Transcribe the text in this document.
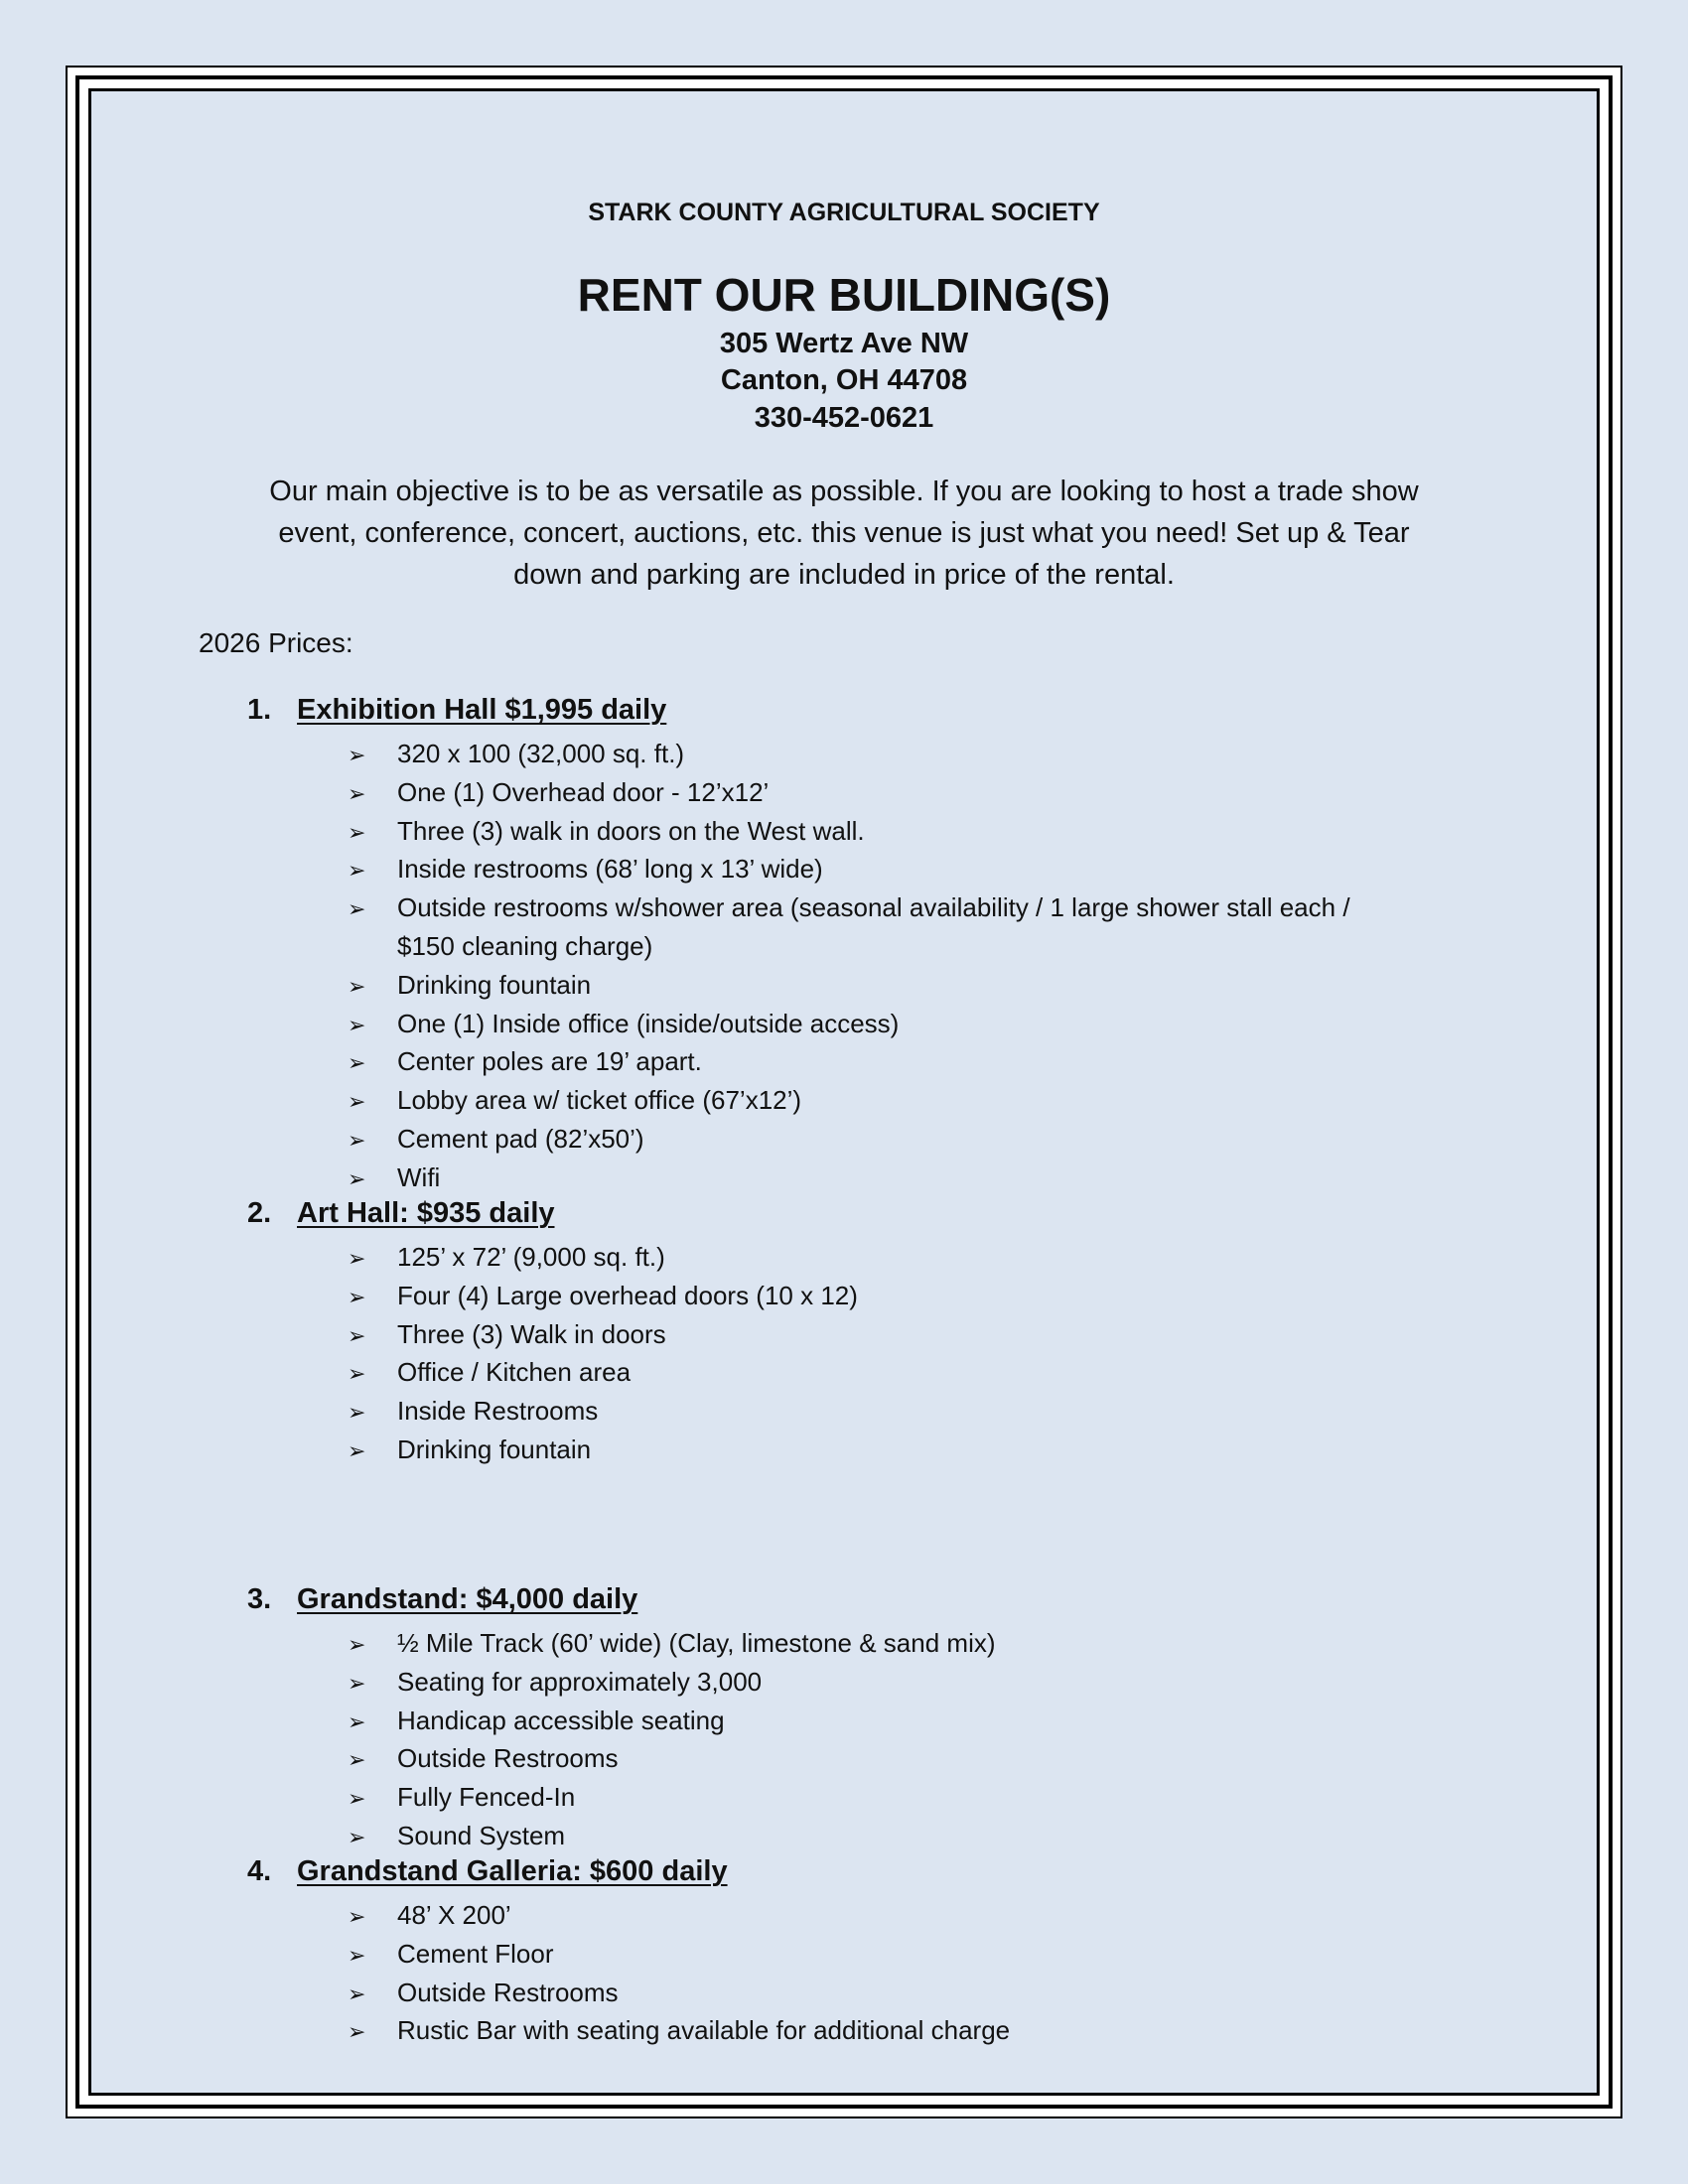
STARK COUNTY AGRICULTURAL SOCIETY
RENT OUR BUILDING(S)
305 Wertz Ave NW
Canton, OH 44708
330-452-0621
Our main objective is to be as versatile as possible. If you are looking to host a trade show
event, conference, concert, auctions, etc. this venue is just what you need! Set up & Tear
down and parking are included in price of the rental.
2026 Prices:
1. Exhibition Hall $1,995 daily
➢ 320 x 100 (32,000 sq. ft.)
➢ One (1) Overhead door - 12’x12’
➢ Three (3) walk in doors on the West wall.
➢ Inside restrooms (68’ long x 13’ wide)
➢ Outside restrooms w/shower area (seasonal availability / 1 large shower stall each /
$150 cleaning charge)
➢ Drinking fountain
➢ One (1) Inside office (inside/outside access)
➢ Center poles are 19’ apart.
➢ Lobby area w/ ticket office (67’x12’)
➢ Cement pad (82’x50’)
➢ Wifi
2. Art Hall: $935 daily
➢ 125’ x 72’ (9,000 sq. ft.)
➢ Four (4) Large overhead doors (10 x 12)
➢ Three (3) Walk in doors
➢ Office / Kitchen area
➢ Inside Restrooms
➢ Drinking fountain
3. Grandstand: $4,000 daily
➢ ½ Mile Track (60’ wide) (Clay, limestone & sand mix)
➢ Seating for approximately 3,000
➢ Handicap accessible seating
➢ Outside Restrooms
➢ Fully Fenced-In
➢ Sound System
4. Grandstand Galleria: $600 daily
➢ 48’ X 200’
➢ Cement Floor
➢ Outside Restrooms
➢ Rustic Bar with seating available for additional charge
